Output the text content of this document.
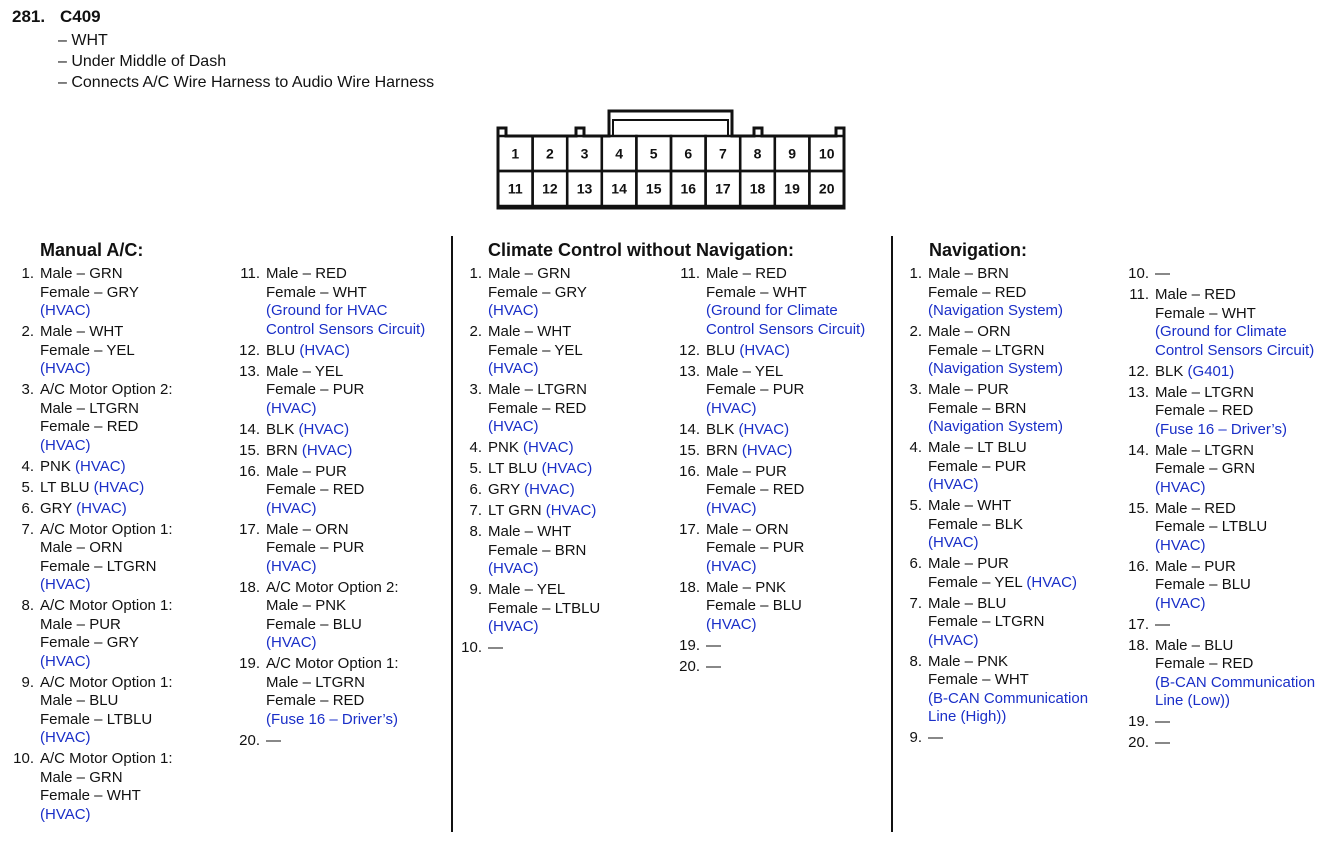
281. C409
– WHT
– Under Middle of Dash
– Connects A/C Wire Harness to Audio Wire Harness
1 2 3 4 5 6 7 8 9 10
11 12 13 14 15 16 17 18 19 20
Manual A/C:	Climate Control without Navigation:	Navigation:
1. Male – GRN
Female – GRY
(HVAC)
2. Male – WHT
Female – YEL
(HVAC)
3. A/C Motor Option 2:
Male – LTGRN
Female – RED
(HVAC)
4. PNK (HVAC)
5. LT BLU (HVAC)
6. GRY (HVAC)
7. A/C Motor Option 1:
Male – ORN
Female – LTGRN
(HVAC)
8. A/C Motor Option 1:
Male – PUR
Female – GRY
(HVAC)
9. A/C Motor Option 1:
Male – BLU
Female – LTBLU
(HVAC)
10. A/C Motor Option 1:
Male – GRN
Female – WHT
(HVAC)
11. Male – RED
Female – WHT
(Ground for HVAC
Control Sensors Circuit)
12. BLU (HVAC)
13. Male – YEL
Female – PUR
(HVAC)
14. BLK (HVAC)
15. BRN (HVAC)
16. Male – PUR
Female – RED
(HVAC)
17. Male – ORN
Female – PUR
(HVAC)
18. A/C Motor Option 2:
Male – PNK
Female – BLU
(HVAC)
19. A/C Motor Option 1:
Male – LTGRN
Female – RED
(Fuse 16 – Driver’s)
20. —
1. Male – GRN
Female – GRY
(HVAC)
2. Male – WHT
Female – YEL
(HVAC)
3. Male – LTGRN
Female – RED
(HVAC)
4. PNK (HVAC)
5. LT BLU (HVAC)
6. GRY (HVAC)
7. LT GRN (HVAC)
8. Male – WHT
Female – BRN
(HVAC)
9. Male – YEL
Female – LTBLU
(HVAC)
10. —
11. Male – RED
Female – WHT
(Ground for Climate
Control Sensors Circuit)
12. BLU (HVAC)
13. Male – YEL
Female – PUR
(HVAC)
14. BLK (HVAC)
15. BRN (HVAC)
16. Male – PUR
Female – RED
(HVAC)
17. Male – ORN
Female – PUR
(HVAC)
18. Male – PNK
Female – BLU
(HVAC)
19. —
20. —
1. Male – BRN
Female – RED
(Navigation System)
2. Male – ORN
Female – LTGRN
(Navigation System)
3. Male – PUR
Female – BRN
(Navigation System)
4. Male – LT BLU
Female – PUR
(HVAC)
5. Male – WHT
Female – BLK
(HVAC)
6. Male – PUR
Female – YEL (HVAC)
7. Male – BLU
Female – LTGRN
(HVAC)
8. Male – PNK
Female – WHT
(B-CAN Communication
Line (High))
9. —
10. —
11. Male – RED
Female – WHT
(Ground for Climate
Control Sensors Circuit)
12. BLK (G401)
13. Male – LTGRN
Female – RED
(Fuse 16 – Driver’s)
14. Male – LTGRN
Female – GRN
(HVAC)
15. Male – RED
Female – LTBLU
(HVAC)
16. Male – PUR
Female – BLU
(HVAC)
17. —
18. Male – BLU
Female – RED
(B-CAN Communication
Line (Low))
19. —
20. —
